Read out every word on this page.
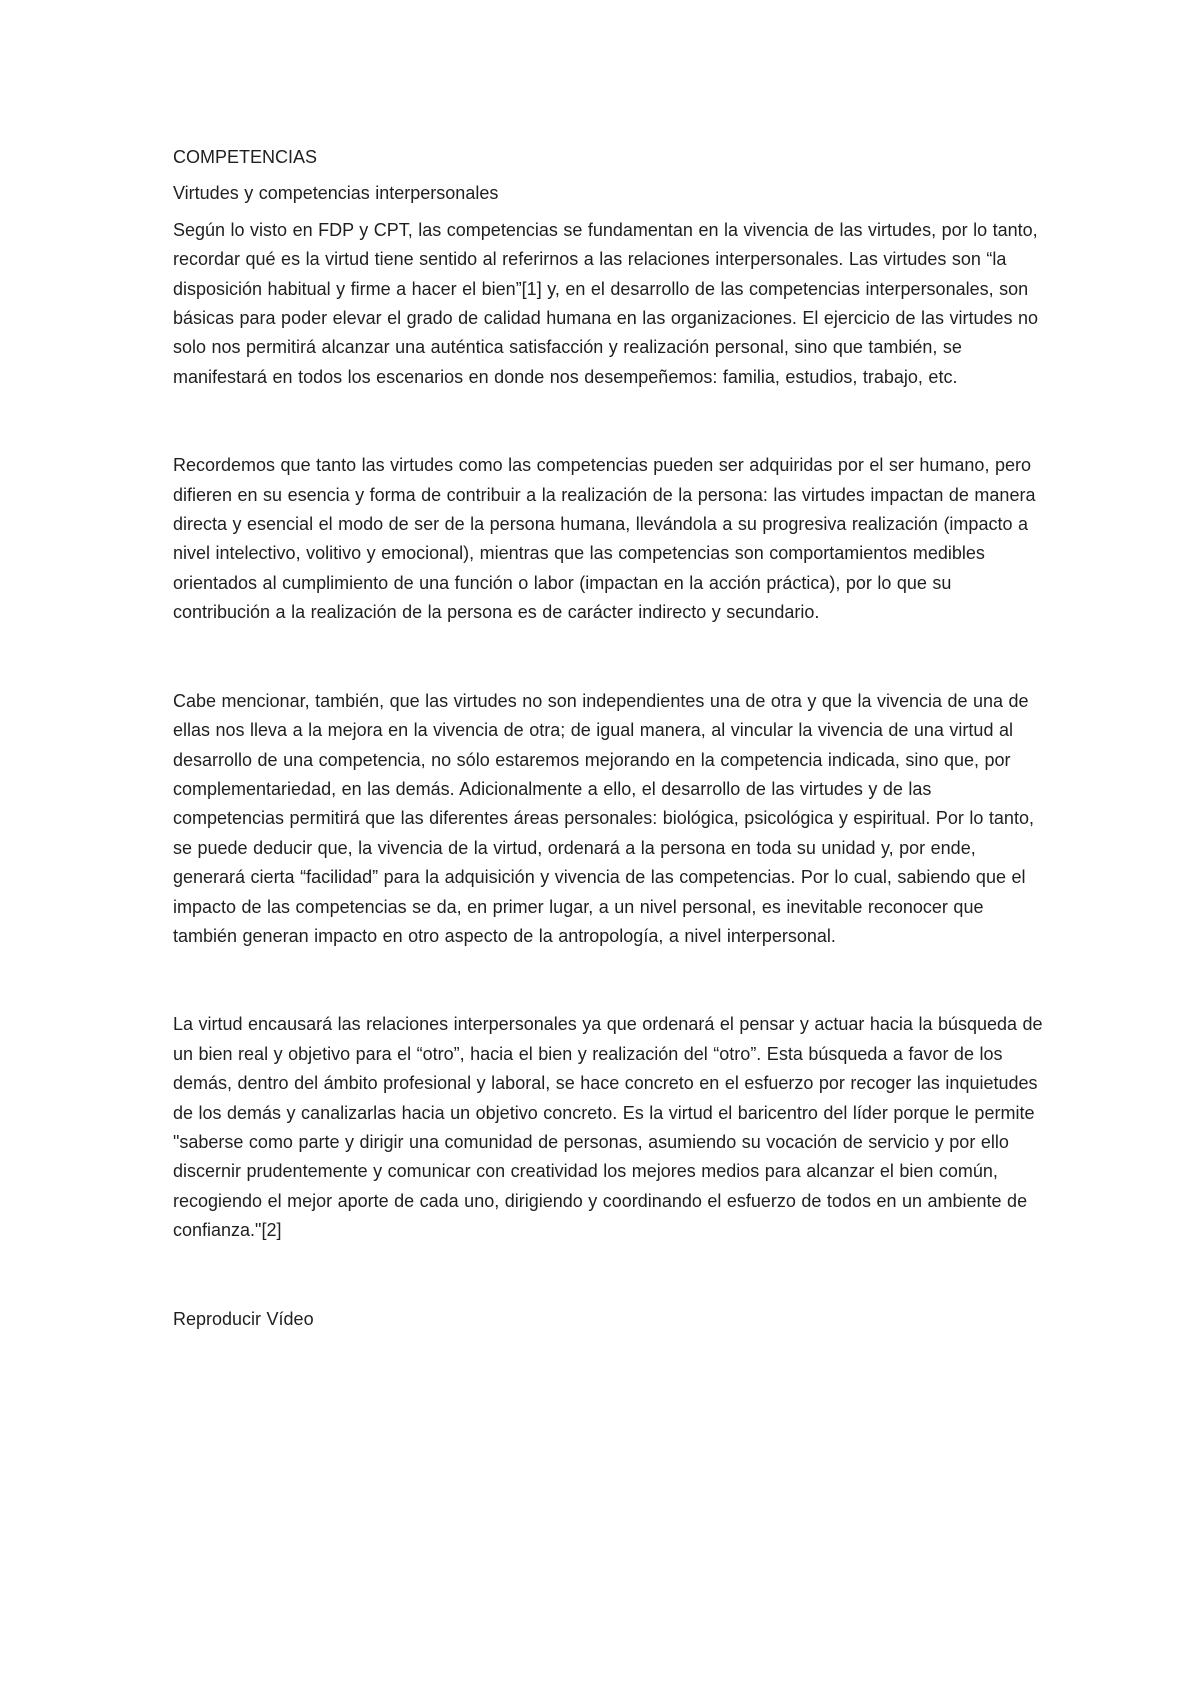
COMPETENCIAS

Virtudes y competencias interpersonales

Según lo visto en FDP y CPT, las competencias se fundamentan en la vivencia de las virtudes, por lo tanto, recordar qué es la virtud tiene sentido al referirnos a las relaciones interpersonales. Las virtudes son “la disposición habitual y firme a hacer el bien”[1] y, en el desarrollo de las competencias interpersonales, son básicas para poder elevar el grado de calidad humana en las organizaciones. El ejercicio de las virtudes no solo nos permitirá alcanzar una auténtica satisfacción y realización personal, sino que también, se manifestará en todos los escenarios en donde nos desempeñemos: familia, estudios, trabajo, etc.

Recordemos que tanto las virtudes como las competencias pueden ser adquiridas por el ser humano, pero difieren en su esencia y forma de contribuir a la realización de la persona: las virtudes impactan de manera directa y esencial el modo de ser de la persona humana, llevándola a su progresiva realización (impacto a nivel intelectivo, volitivo y emocional), mientras que las competencias son comportamientos medibles orientados al cumplimiento de una función o labor (impactan en la acción práctica), por lo que su contribución a la realización de la persona es de carácter indirecto y secundario.

Cabe mencionar, también, que las virtudes no son independientes una de otra y que la vivencia de una de ellas nos lleva a la mejora en la vivencia de otra; de igual manera, al vincular la vivencia de una virtud al desarrollo de una competencia, no sólo estaremos mejorando en la competencia indicada, sino que, por complementariedad, en las demás. Adicionalmente a ello, el desarrollo de las virtudes y de las competencias permitirá que las diferentes áreas personales: biológica, psicológica y espiritual. Por lo tanto, se puede deducir que, la vivencia de la virtud, ordenará a la persona en toda su unidad y, por ende, generará cierta “facilidad” para la adquisición y vivencia de las competencias. Por lo cual, sabiendo que el impacto de las competencias se da, en primer lugar, a un nivel personal, es inevitable reconocer que también generan impacto en otro aspecto de la antropología, a nivel interpersonal.

La virtud encausará las relaciones interpersonales ya que ordenará el pensar y actuar hacia la búsqueda de un bien real y objetivo para el “otro”, hacia el bien y realización del “otro”. Esta búsqueda a favor de los demás, dentro del ámbito profesional y laboral, se hace concreto en el esfuerzo por recoger las inquietudes de los demás y canalizarlas hacia un objetivo concreto. Es la virtud el baricentro del líder porque le permite "saberse como parte y dirigir una comunidad de personas, asumiendo su vocación de servicio y por ello discernir prudentemente y comunicar con creatividad los mejores medios para alcanzar el bien común, recogiendo el mejor aporte de cada uno, dirigiendo y coordinando el esfuerzo de todos en un ambiente de confianza."[2]

Reproducir Vídeo
